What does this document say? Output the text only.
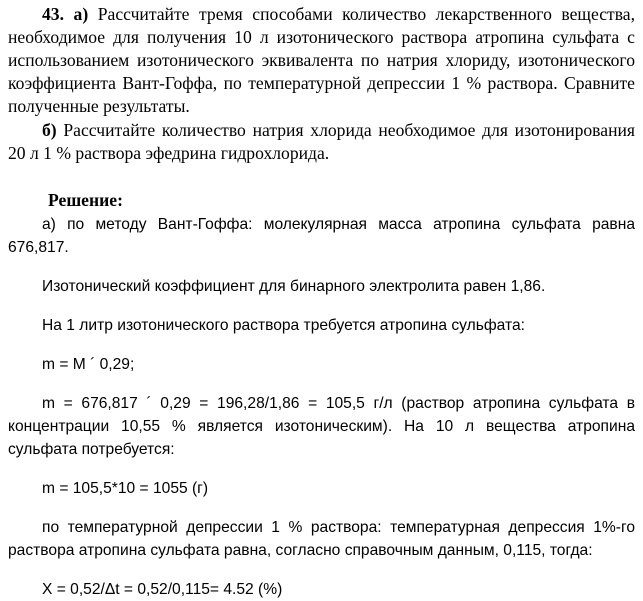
43. а) Рассчитайте тремя способами количество лекарственного вещества, необходимое для получения 10 л изотонического раствора атропина сульфата с использованием изотонического эквивалента по натрия хлориду, изотонического коэффициента Вант-Гоффа, по температурной депрессии 1 % раствора. Сравните полученные результаты.

б) Рассчитайте количество натрия хлорида необходимое для изотонирования 20 л 1 % раствора эфедрина гидрохлорида.

Решение:

а) по методу Вант-Гоффа: молекулярная масса атропина сульфата равна 676,817.

Изотонический коэффициент для бинарного электролита равен 1,86.

На 1 литр изотонического раствора требуется атропина сульфата:

m = M ´ 0,29;

m = 676,817 ´ 0,29 = 196,28/1,86 = 105,5 г/л (раствор атропина сульфата в концентрации 10,55 % является изотоническим). На 10 л вещества атропина сульфата потребуется:

m = 105,5*10 = 1055 (г)

по температурной депрессии 1 % раствора: температурная депрессия 1%-го раствора атропина сульфата равна, согласно справочным данным, 0,115, тогда:

X = 0,52/Δt = 0,52/0,115= 4.52 (%)
